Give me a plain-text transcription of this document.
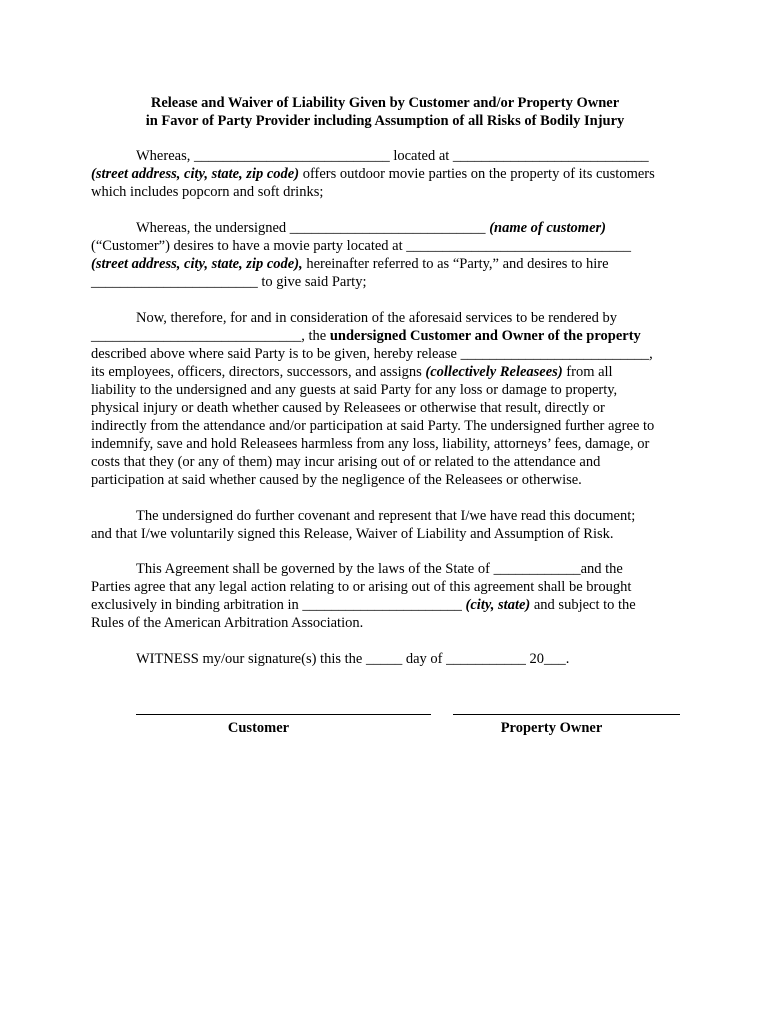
Release and Waiver of Liability Given by Customer and/or Property Owner
in Favor of Party Provider including Assumption of all Risks of Bodily Injury
Whereas, ___________________________ located at ___________________________
(street address, city, state, zip code) offers outdoor movie parties on the property of its customers
which includes popcorn and soft drinks;
Whereas, the undersigned ___________________________ (name of customer)
(“Customer”) desires to have a movie party located at _______________________________
(street address, city, state, zip code), hereinafter referred to as “Party,” and desires to hire
_______________________ to give said Party;
Now, therefore, for and in consideration of the aforesaid services to be rendered by
_____________________________, the undersigned Customer and Owner of the property
described above where said Party is to be given, hereby release __________________________,
its employees, officers, directors, successors, and assigns (collectively Releasees) from all
liability to the undersigned and any guests at said Party for any loss or damage to property,
physical injury or death whether caused by Releasees or otherwise that result, directly or
indirectly from the attendance and/or participation at said Party. The undersigned further agree to
indemnify, save and hold Releasees harmless from any loss, liability, attorneys’ fees, damage, or
costs that they (or any of them) may incur arising out of or related to the attendance and
participation at said whether caused by the negligence of the Releasees or otherwise.
The undersigned do further covenant and represent that I/we have read this document;
and that I/we voluntarily signed this Release, Waiver of Liability and Assumption of Risk.
This Agreement shall be governed by the laws of the State of ____________and the
Parties agree that any legal action relating to or arising out of this agreement shall be brought
exclusively in binding arbitration in ______________________ (city, state) and subject to the
Rules of the American Arbitration Association.
WITNESS my/our signature(s) this the _____ day of ___________ 20___.
Customer	Property Owner
